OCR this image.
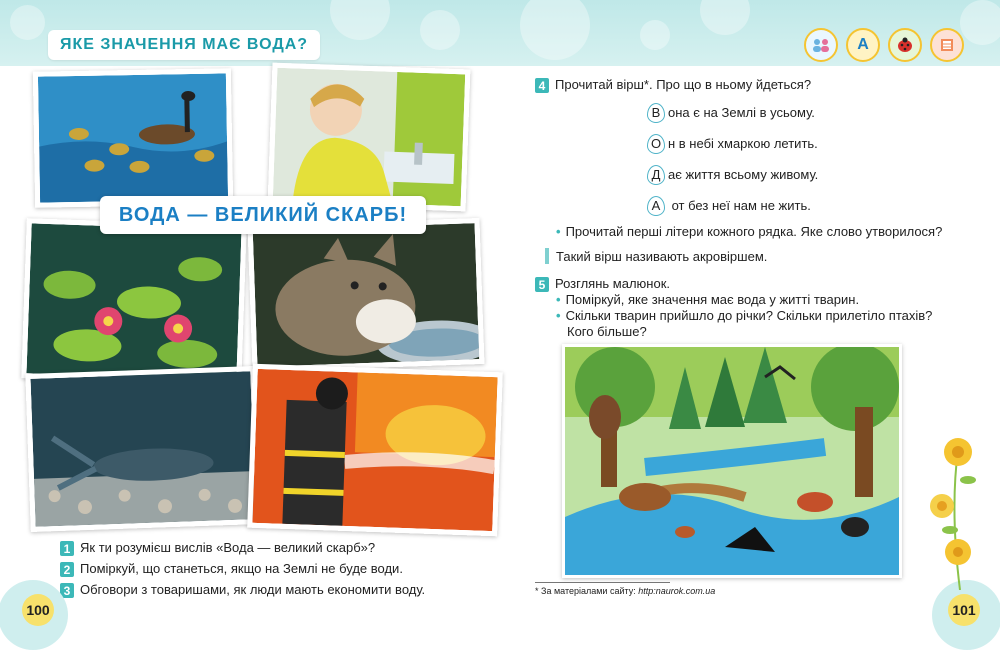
ЯКЕ ЗНАЧЕННЯ МАЄ ВОДА?	А
ВОДА — ВЕЛИКИЙ СКАРБ!
1 Як ти розумієш вислів «Вода — великий скарб»?
2 Поміркуй, що станеться, якщо на Землі не буде води.
3 Обговори з товаришами, як люди мають економити воду.
100	101
4 Прочитай вірш*. Про що в ньому йдеться?
В она є на Землі в усьому.
О н в небі хмаркою летить.
Д ає життя всьому живому.
А от без неї нам не жить.
• Прочитай перші літери кожного рядка. Яке слово утворилося?
Такий вірш називають акровіршем.
5 Розглянь малюнок.
• Поміркуй, яке значення має вода у житті тварин.
• Скільки тварин прийшло до річки? Скільки прилетіло птахів?
Кого більше?
* За матеріалами сайту: http:naurok.com.ua
